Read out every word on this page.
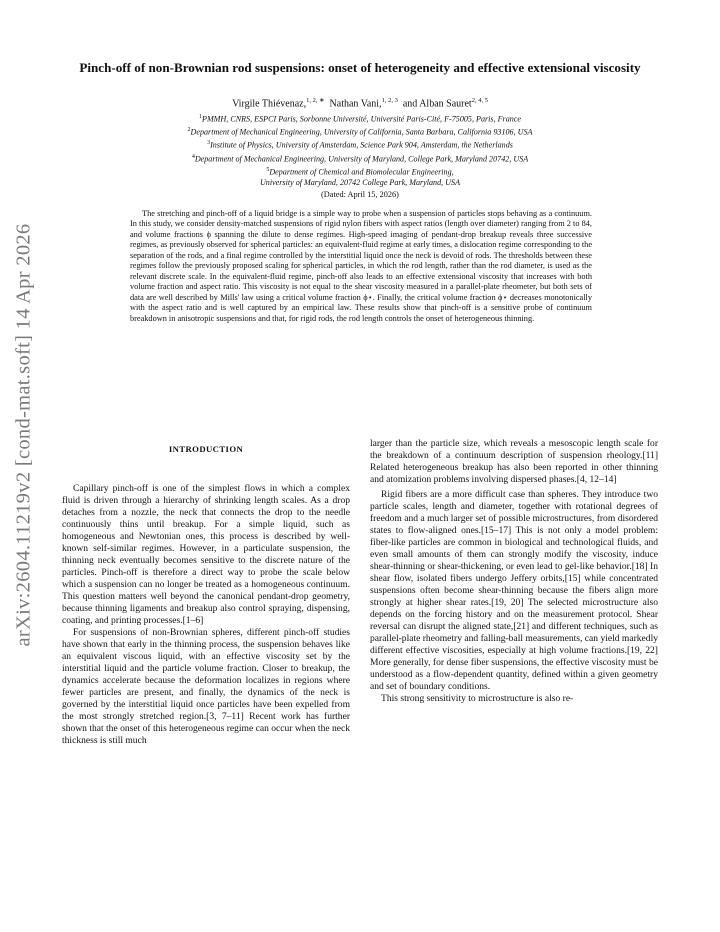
arXiv:2604.11219v2 [cond-mat.soft] 14 Apr 2026
Pinch-off of non-Brownian rod suspensions: onset of heterogeneity and effective extensional viscosity
Virgile Thiévenaz,$^{1, 2, ∗}$ Nathan Vani,$^{1, 2, 3}$ and Alban Sauret$^{2, 4, 5}$
$^1$PMMH, CNRS, ESPCI Paris, Sorbonne Université, Université Paris-Cité, F-75005, Paris, France
$^2$Department of Mechanical Engineering, University of California, Santa Barbara, California 93106, USA
$^3$Institute of Physics, University of Amsterdam, Science Park 904, Amsterdam, the Netherlands
$^4$Department of Mechanical Engineering, University of Maryland, College Park, Maryland 20742, USA
$^5$Department of Chemical and Biomolecular Engineering,
University of Maryland, 20742 College Park, Maryland, USA
(Dated: April 15, 2026)

The stretching and pinch-off of a liquid bridge is a simple way to probe when a suspension of particles stops behaving as a continuum. In this study, we consider density-matched suspensions of rigid nylon fibers with aspect ratios (length over diameter) ranging from 2 to 84, and volume fractions ϕ spanning the dilute to dense regimes. High-speed imaging of pendant-drop breakup reveals three successive regimes, as previously observed for spherical particles: an equivalent-fluid regime at early times, a dislocation regime corresponding to the separation of the rods, and a final regime controlled by the interstitial liquid once the neck is devoid of rods. The thresholds between these regimes follow the previously proposed scaling for spherical particles, in which the rod length, rather than the rod diameter, is used as the relevant discrete scale. In the equivalent-fluid regime, pinch-off also leads to an effective extensional viscosity that increases with both volume fraction and aspect ratio. This viscosity is not equal to the shear viscosity measured in a parallel-plate rheometer, but both sets of data are well described by Mills' law using a critical volume fraction ϕ⋆. Finally, the critical volume fraction ϕ⋆ decreases monotonically with the aspect ratio and is well captured by an empirical law. These results show that pinch-off is a sensitive probe of continuum breakdown in anisotropic suspensions and that, for rigid rods, the rod length controls the onset of heterogeneous thinning.

INTRODUCTION

Capillary pinch-off is one of the simplest flows in which a complex fluid is driven through a hierarchy of shrinking length scales. As a drop detaches from a nozzle, the neck that connects the drop to the needle continuously thins until breakup. For a simple liquid, such as homogeneous and Newtonian ones, this process is described by well-known self-similar regimes. However, in a particulate suspension, the thinning neck eventually becomes sensitive to the discrete nature of the particles. Pinch-off is therefore a direct way to probe the scale below which a suspension can no longer be treated as a homogeneous continuum. This question matters well beyond the canonical pendant-drop geometry, because thinning ligaments and breakup also control spraying, dispensing, coating, and printing processes.[1–6]

For suspensions of non-Brownian spheres, different pinch-off studies have shown that early in the thinning process, the suspension behaves like an equivalent viscous liquid, with an effective viscosity set by the interstitial liquid and the particle volume fraction. Closer to breakup, the dynamics accelerate because the deformation localizes in regions where fewer particles are present, and finally, the dynamics of the neck is governed by the interstitial liquid once particles have been expelled from the most strongly stretched region.[3, 7–11] Recent work has further shown that the onset of this heterogeneous regime can occur when the neck thickness is still much

larger than the particle size, which reveals a mesoscopic length scale for the breakdown of a continuum description of suspension rheology.[11] Related heterogeneous breakup has also been reported in other thinning and atomization problems involving dispersed phases.[4, 12–14]

Rigid fibers are a more difficult case than spheres. They introduce two particle scales, length and diameter, together with rotational degrees of freedom and a much larger set of possible microstructures, from disordered states to flow-aligned ones.[15–17] This is not only a model problem: fiber-like particles are common in biological and technological fluids, and even small amounts of them can strongly modify the viscosity, induce shear-thinning or shear-thickening, or even lead to gel-like behavior.[18] In shear flow, isolated fibers undergo Jeffery orbits,[15] while concentrated suspensions often become shear-thinning because the fibers align more strongly at higher shear rates.[19, 20] The selected microstructure also depends on the forcing history and on the measurement protocol. Shear reversal can disrupt the aligned state,[21] and different techniques, such as parallel-plate rheometry and falling-ball measurements, can yield markedly different effective viscosities, especially at high volume fractions.[19, 22] More generally, for dense fiber suspensions, the effective viscosity must be understood as a flow-dependent quantity, defined within a given geometry and set of boundary conditions.

This strong sensitivity to microstructure is also re-
